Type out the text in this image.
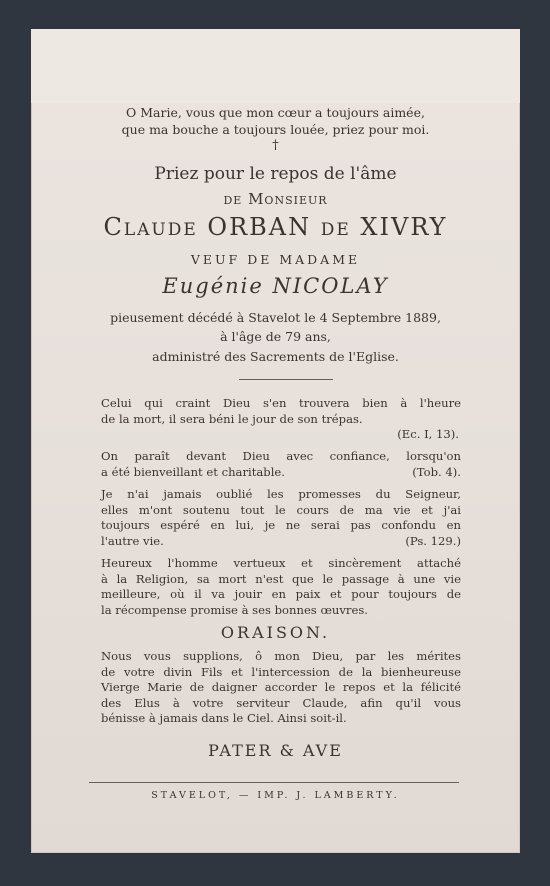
O Marie, vous que mon cœur a toujours aimée,
que ma bouche a toujours louée, priez pour moi.
†
Priez pour le repos de l'âme
de Monsieur
Claude ORBAN de XIVRY
VEUF DE MADAME
Eugénie NICOLAY
pieusement décédé à Stavelot le 4 Septembre 1889,
à l'âge de 79 ans,
administré des Sacrements de l'Eglise.
Celui qui craint Dieu s'en trouvera bien à l'heure
de la mort, il sera béni le jour de son trépas.
(Ec. I, 13).
On paraît devant Dieu avec confiance, lorsqu'on
a été bienveillant et charitable.	(Tob. 4).
Je n'ai jamais oublié les promesses du Seigneur,
elles m'ont soutenu tout le cours de ma vie et j'ai
toujours espéré en lui, je ne serai pas confondu en
l'autre vie.	(Ps. 129.)
Heureux l'homme vertueux et sincèrement attaché
à la Religion, sa mort n'est que le passage à une vie
meilleure, où il va jouir en paix et pour toujours de
la récompense promise à ses bonnes œuvres.
ORAISON.
Nous vous supplions, ô mon Dieu, par les mérites
de votre divin Fils et l'intercession de la bienheureuse
Vierge Marie de daigner accorder le repos et la félicité
des Elus à votre serviteur Claude, afin qu'il vous
bénisse à jamais dans le Ciel. Ainsi soit-il.
PATER & AVE
STAVELOT, — IMP. J. LAMBERTY.
